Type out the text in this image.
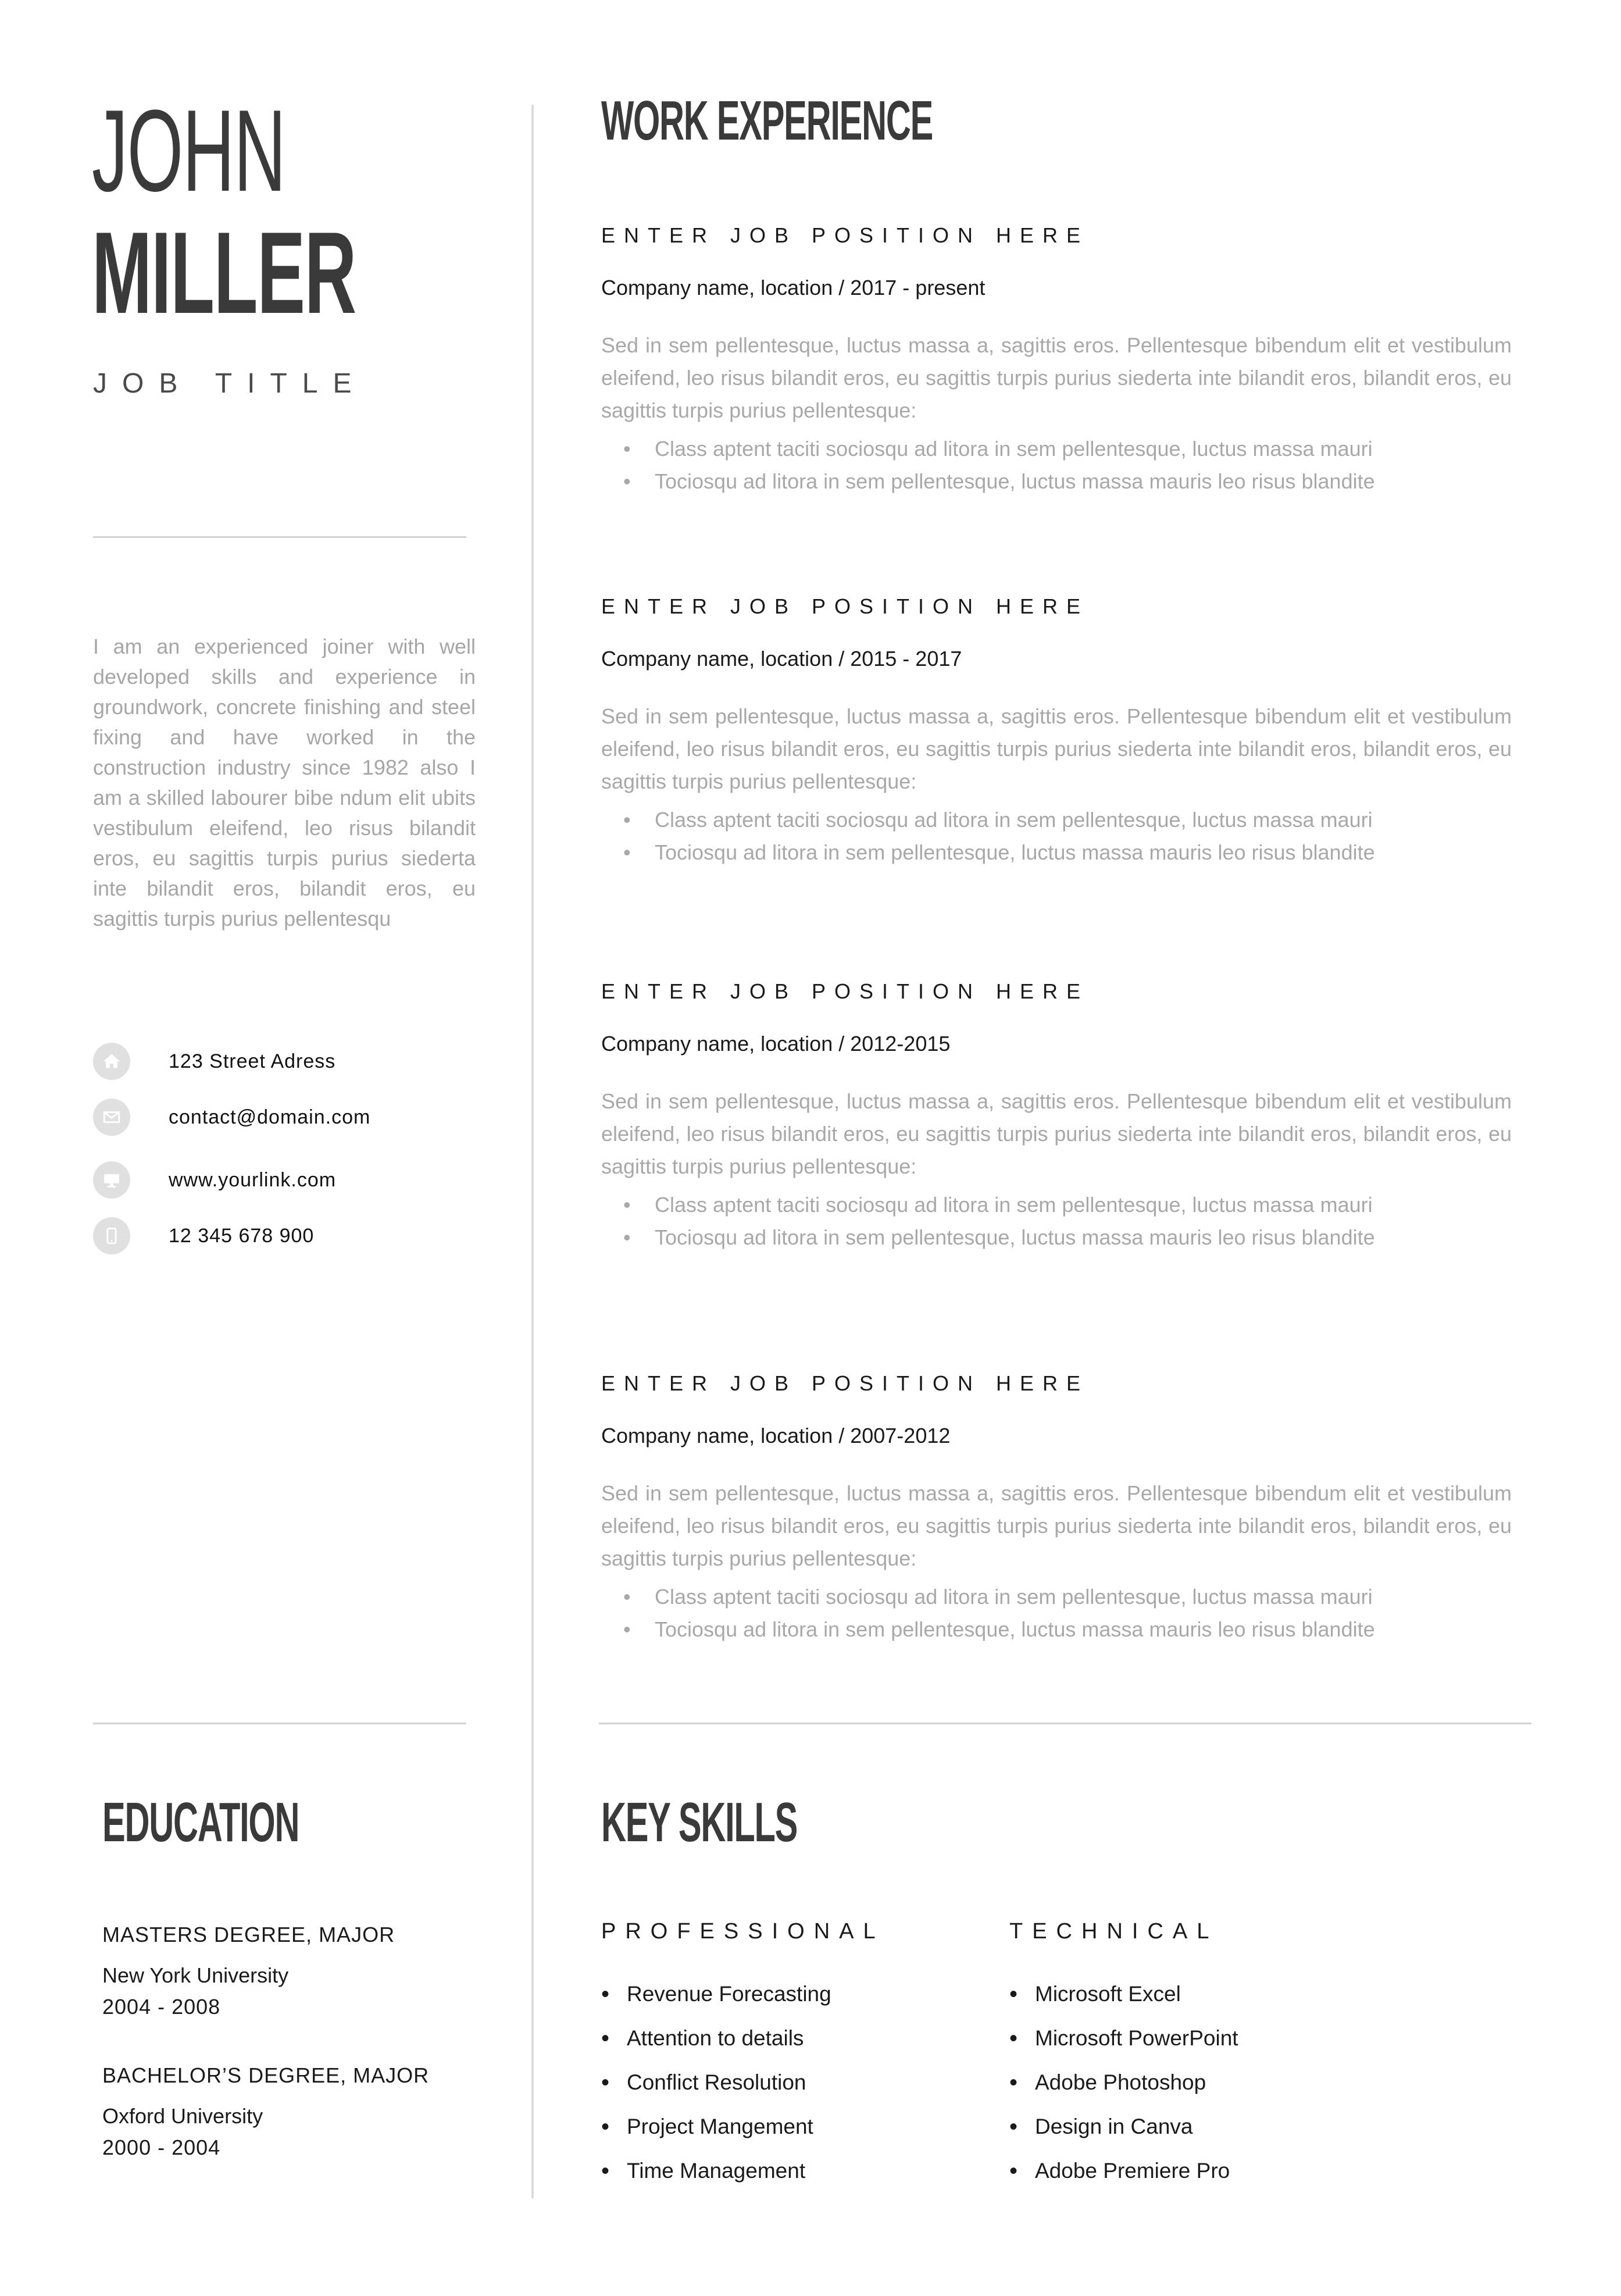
JOHN
MILLER
JOB TITLE
I am an experienced joiner with well developed skills and experience in groundwork, concrete finishing and steel fixing and have worked in the construction industry since 1982 also I am a skilled labourer bibe ndum elit ubits vestibulum eleifend, leo risus bilandit eros, eu sagittis turpis purius siederta inte bilandit eros, bilandit eros, eu sagittis turpis purius pellentesqu
123 Street Adress
contact@domain.com
www.yourlink.com
12 345 678 900
WORK EXPERIENCE
ENTER JOB POSITION HERE
Company name, location / 2017 - present
Sed in sem pellentesque, luctus massa a, sagittis eros. Pellentesque bibendum elit et vestibulum eleifend, leo risus bilandit eros, eu sagittis turpis purius siederta inte bilandit eros, bilandit eros, eu sagittis turpis purius pellentesque:
• Class aptent taciti sociosqu ad litora in sem pellentesque, luctus massa mauri
• Tociosqu ad litora in sem pellentesque, luctus massa mauris leo risus blandite
ENTER JOB POSITION HERE
Company name, location / 2015 - 2017
Sed in sem pellentesque, luctus massa a, sagittis eros. Pellentesque bibendum elit et vestibulum eleifend, leo risus bilandit eros, eu sagittis turpis purius siederta inte bilandit eros, bilandit eros, eu sagittis turpis purius pellentesque:
• Class aptent taciti sociosqu ad litora in sem pellentesque, luctus massa mauri
• Tociosqu ad litora in sem pellentesque, luctus massa mauris leo risus blandite
ENTER JOB POSITION HERE
Company name, location / 2012-2015
Sed in sem pellentesque, luctus massa a, sagittis eros. Pellentesque bibendum elit et vestibulum eleifend, leo risus bilandit eros, eu sagittis turpis purius siederta inte bilandit eros, bilandit eros, eu sagittis turpis purius pellentesque:
• Class aptent taciti sociosqu ad litora in sem pellentesque, luctus massa mauri
• Tociosqu ad litora in sem pellentesque, luctus massa mauris leo risus blandite
ENTER JOB POSITION HERE
Company name, location / 2007-2012
Sed in sem pellentesque, luctus massa a, sagittis eros. Pellentesque bibendum elit et vestibulum eleifend, leo risus bilandit eros, eu sagittis turpis purius siederta inte bilandit eros, bilandit eros, eu sagittis turpis purius pellentesque:
• Class aptent taciti sociosqu ad litora in sem pellentesque, luctus massa mauri
• Tociosqu ad litora in sem pellentesque, luctus massa mauris leo risus blandite
EDUCATION
MASTERS DEGREE, MAJOR
New York University
2004 - 2008
BACHELOR’S DEGREE, MAJOR
Oxford University
2000 - 2004
KEY SKILLS
PROFESSIONAL
• Revenue Forecasting
• Attention to details
• Conflict Resolution
• Project Mangement
• Time Management
TECHNICAL
• Microsoft Excel
• Microsoft PowerPoint
• Adobe Photoshop
• Design in Canva
• Adobe Premiere Pro
